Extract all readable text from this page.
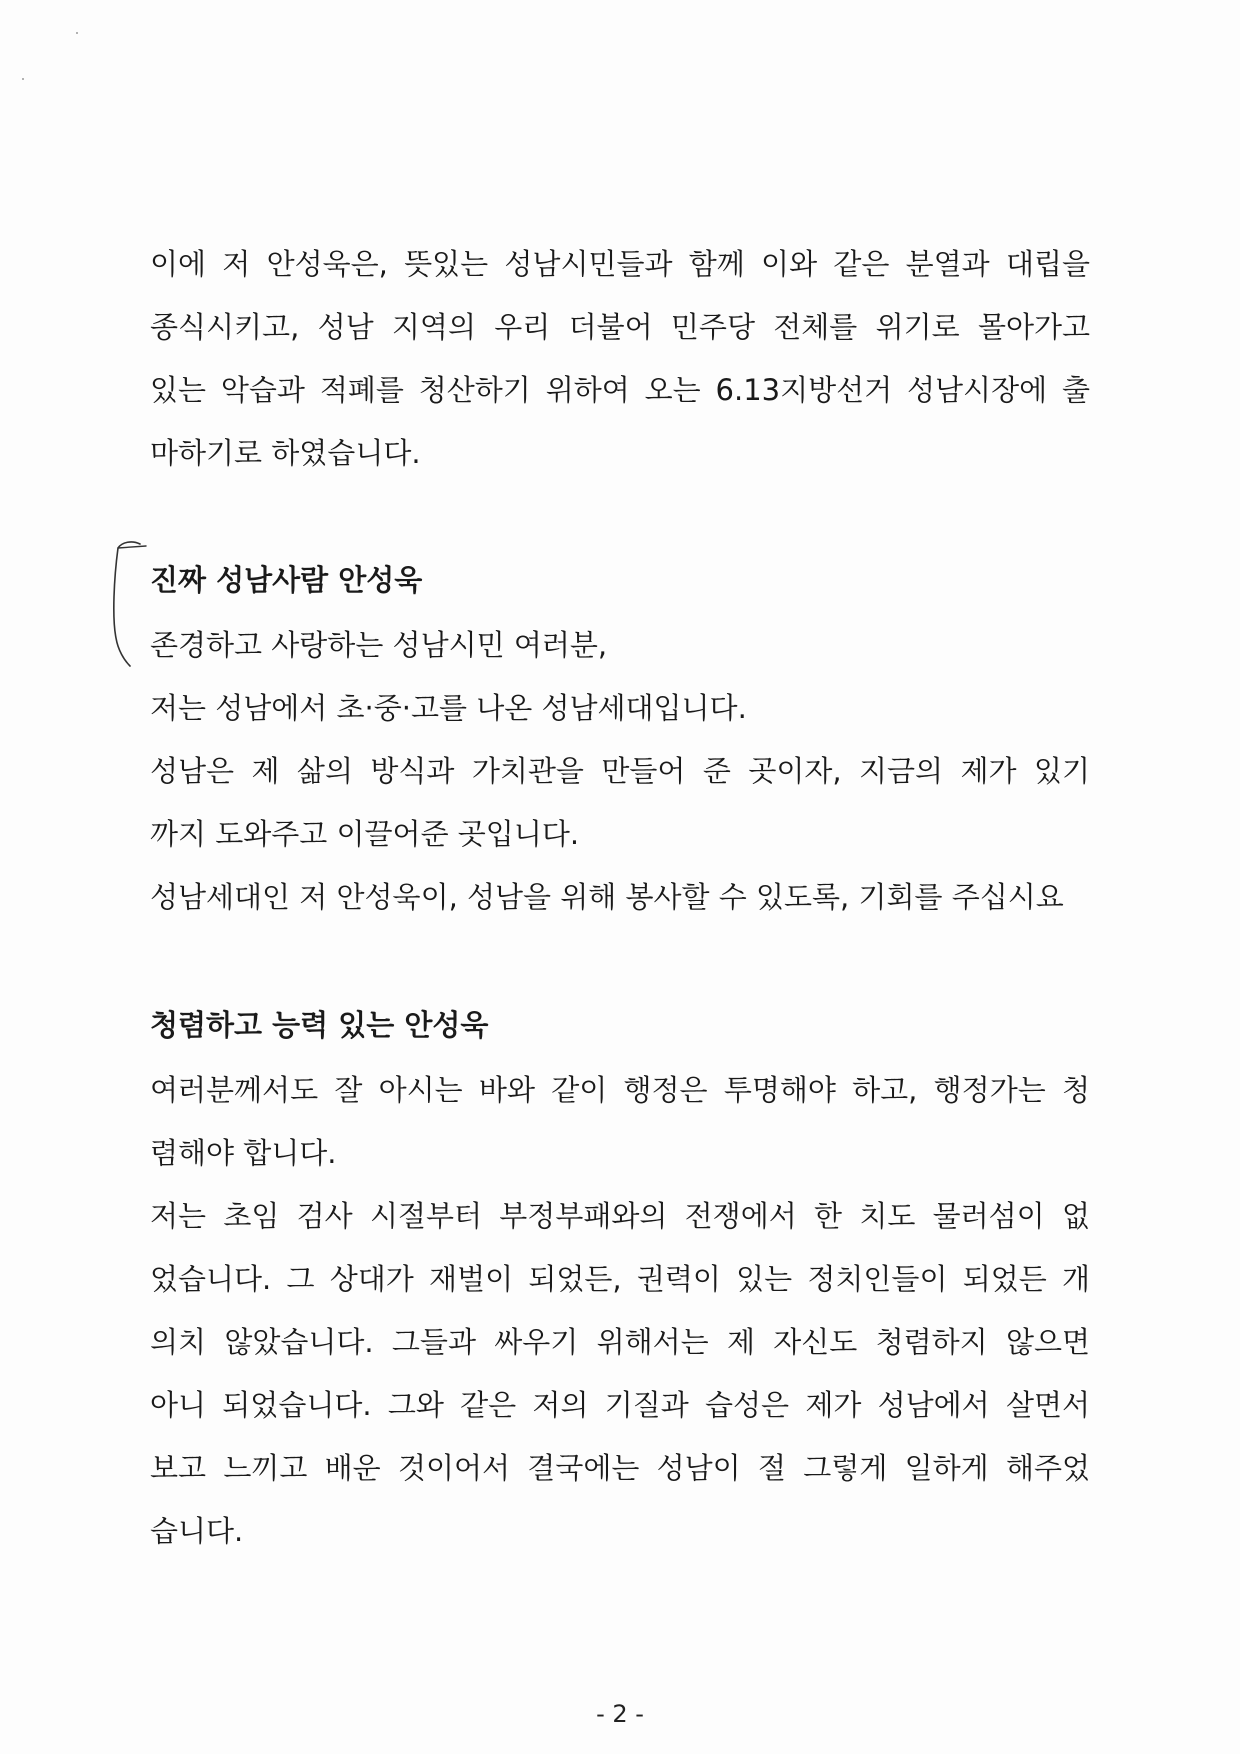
이에 저 안성욱은, 뜻있는 성남시민들과 함께 이와 같은 분열과 대립을
종식시키고, 성남 지역의 우리 더불어 민주당 전체를 위기로 몰아가고
있는 악습과 적폐를 청산하기 위하여 오는 6.13지방선거 성남시장에 출
마하기로 하였습니다.
진짜 성남사람 안성욱
존경하고 사랑하는 성남시민 여러분,
저는 성남에서 초·중·고를 나온 성남세대입니다.
성남은 제 삶의 방식과 가치관을 만들어 준 곳이자, 지금의 제가 있기
까지 도와주고 이끌어준 곳입니다.
성남세대인 저 안성욱이, 성남을 위해 봉사할 수 있도록, 기회를 주십시요
청렴하고 능력 있는 안성욱
여러분께서도 잘 아시는 바와 같이 행정은 투명해야 하고, 행정가는 청
렴해야 합니다.
저는 초임 검사 시절부터 부정부패와의 전쟁에서 한 치도 물러섬이 없
었습니다. 그 상대가 재벌이 되었든, 권력이 있는 정치인들이 되었든 개
의치 않았습니다. 그들과 싸우기 위해서는 제 자신도 청렴하지 않으면
아니 되었습니다. 그와 같은 저의 기질과 습성은 제가 성남에서 살면서
보고 느끼고 배운 것이어서 결국에는 성남이 절 그렇게 일하게 해주었
습니다.
- 2 -
